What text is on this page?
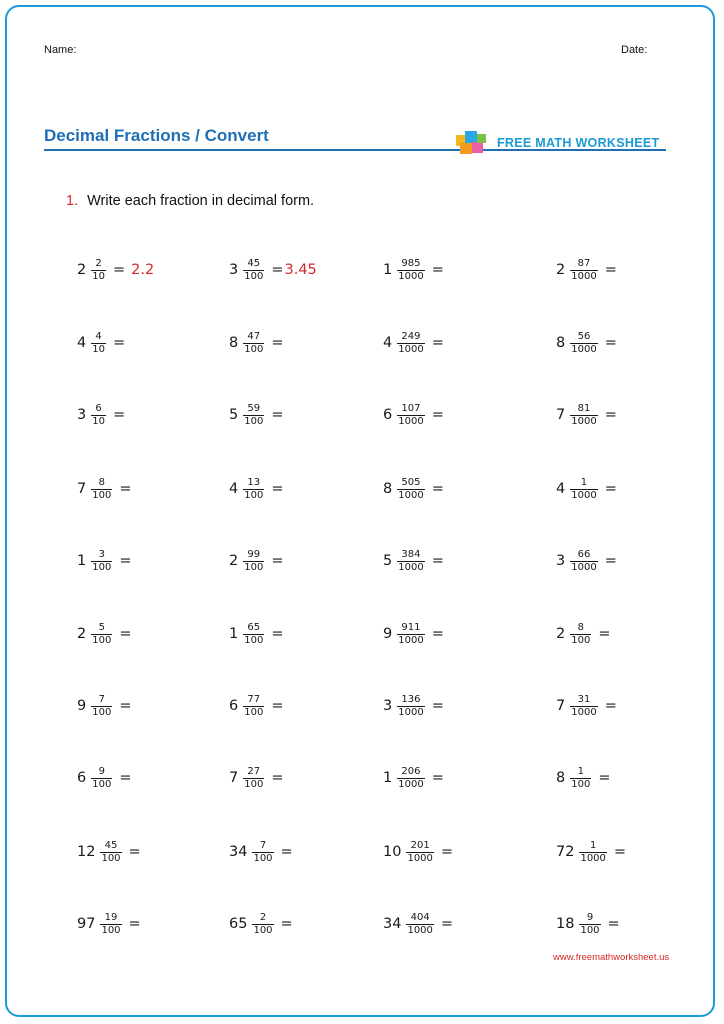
Name:	Date:
Decimal Fractions / Convert	FREE MATH WORKSHEET
1. Write each fraction in decimal form.
$2 \frac{2}{10} = 2.2$	$3 \frac{45}{100} = 3.45$	$1 \frac{985}{1000}$ =	$2 \frac{87}{1000}$ =
$4 \frac{4}{10}$ =	$8 \frac{47}{100}$ =	$4 \frac{249}{1000}$ =	$8 \frac{56}{1000}$ =
$3 \frac{6}{10}$ =	$5 \frac{59}{100}$ =	$6 \frac{107}{1000}$ =	$7 \frac{81}{1000}$ =
$7 \frac{8}{100}$ =	$4 \frac{13}{100}$ =	$8 \frac{505}{1000}$ =	$4 \frac{1}{1000}$ =
$1 \frac{3}{100}$ =	$2 \frac{99}{100}$ =	$5 \frac{384}{1000}$ =	$3 \frac{66}{1000}$ =
$2 \frac{5}{100}$ =	$1 \frac{65}{100}$ =	$9 \frac{911}{1000}$ =	$2 \frac{8}{100}$ =
$9 \frac{7}{100}$ =	$6 \frac{77}{100}$ =	$3 \frac{136}{1000}$ =	$7 \frac{31}{1000}$ =
$6 \frac{9}{100}$ =	$7 \frac{27}{100}$ =	$1 \frac{206}{1000}$ =	$8 \frac{1}{100}$ =
$12 \frac{45}{100}$ =	$34 \frac{7}{100}$ =	$10 \frac{201}{1000}$ =	$72 \frac{1}{1000}$ =
$97 \frac{19}{100}$ =	$65 \frac{2}{100}$ =	$34 \frac{404}{1000}$ =	$18 \frac{9}{100}$ =
www.freemathworksheet.us
